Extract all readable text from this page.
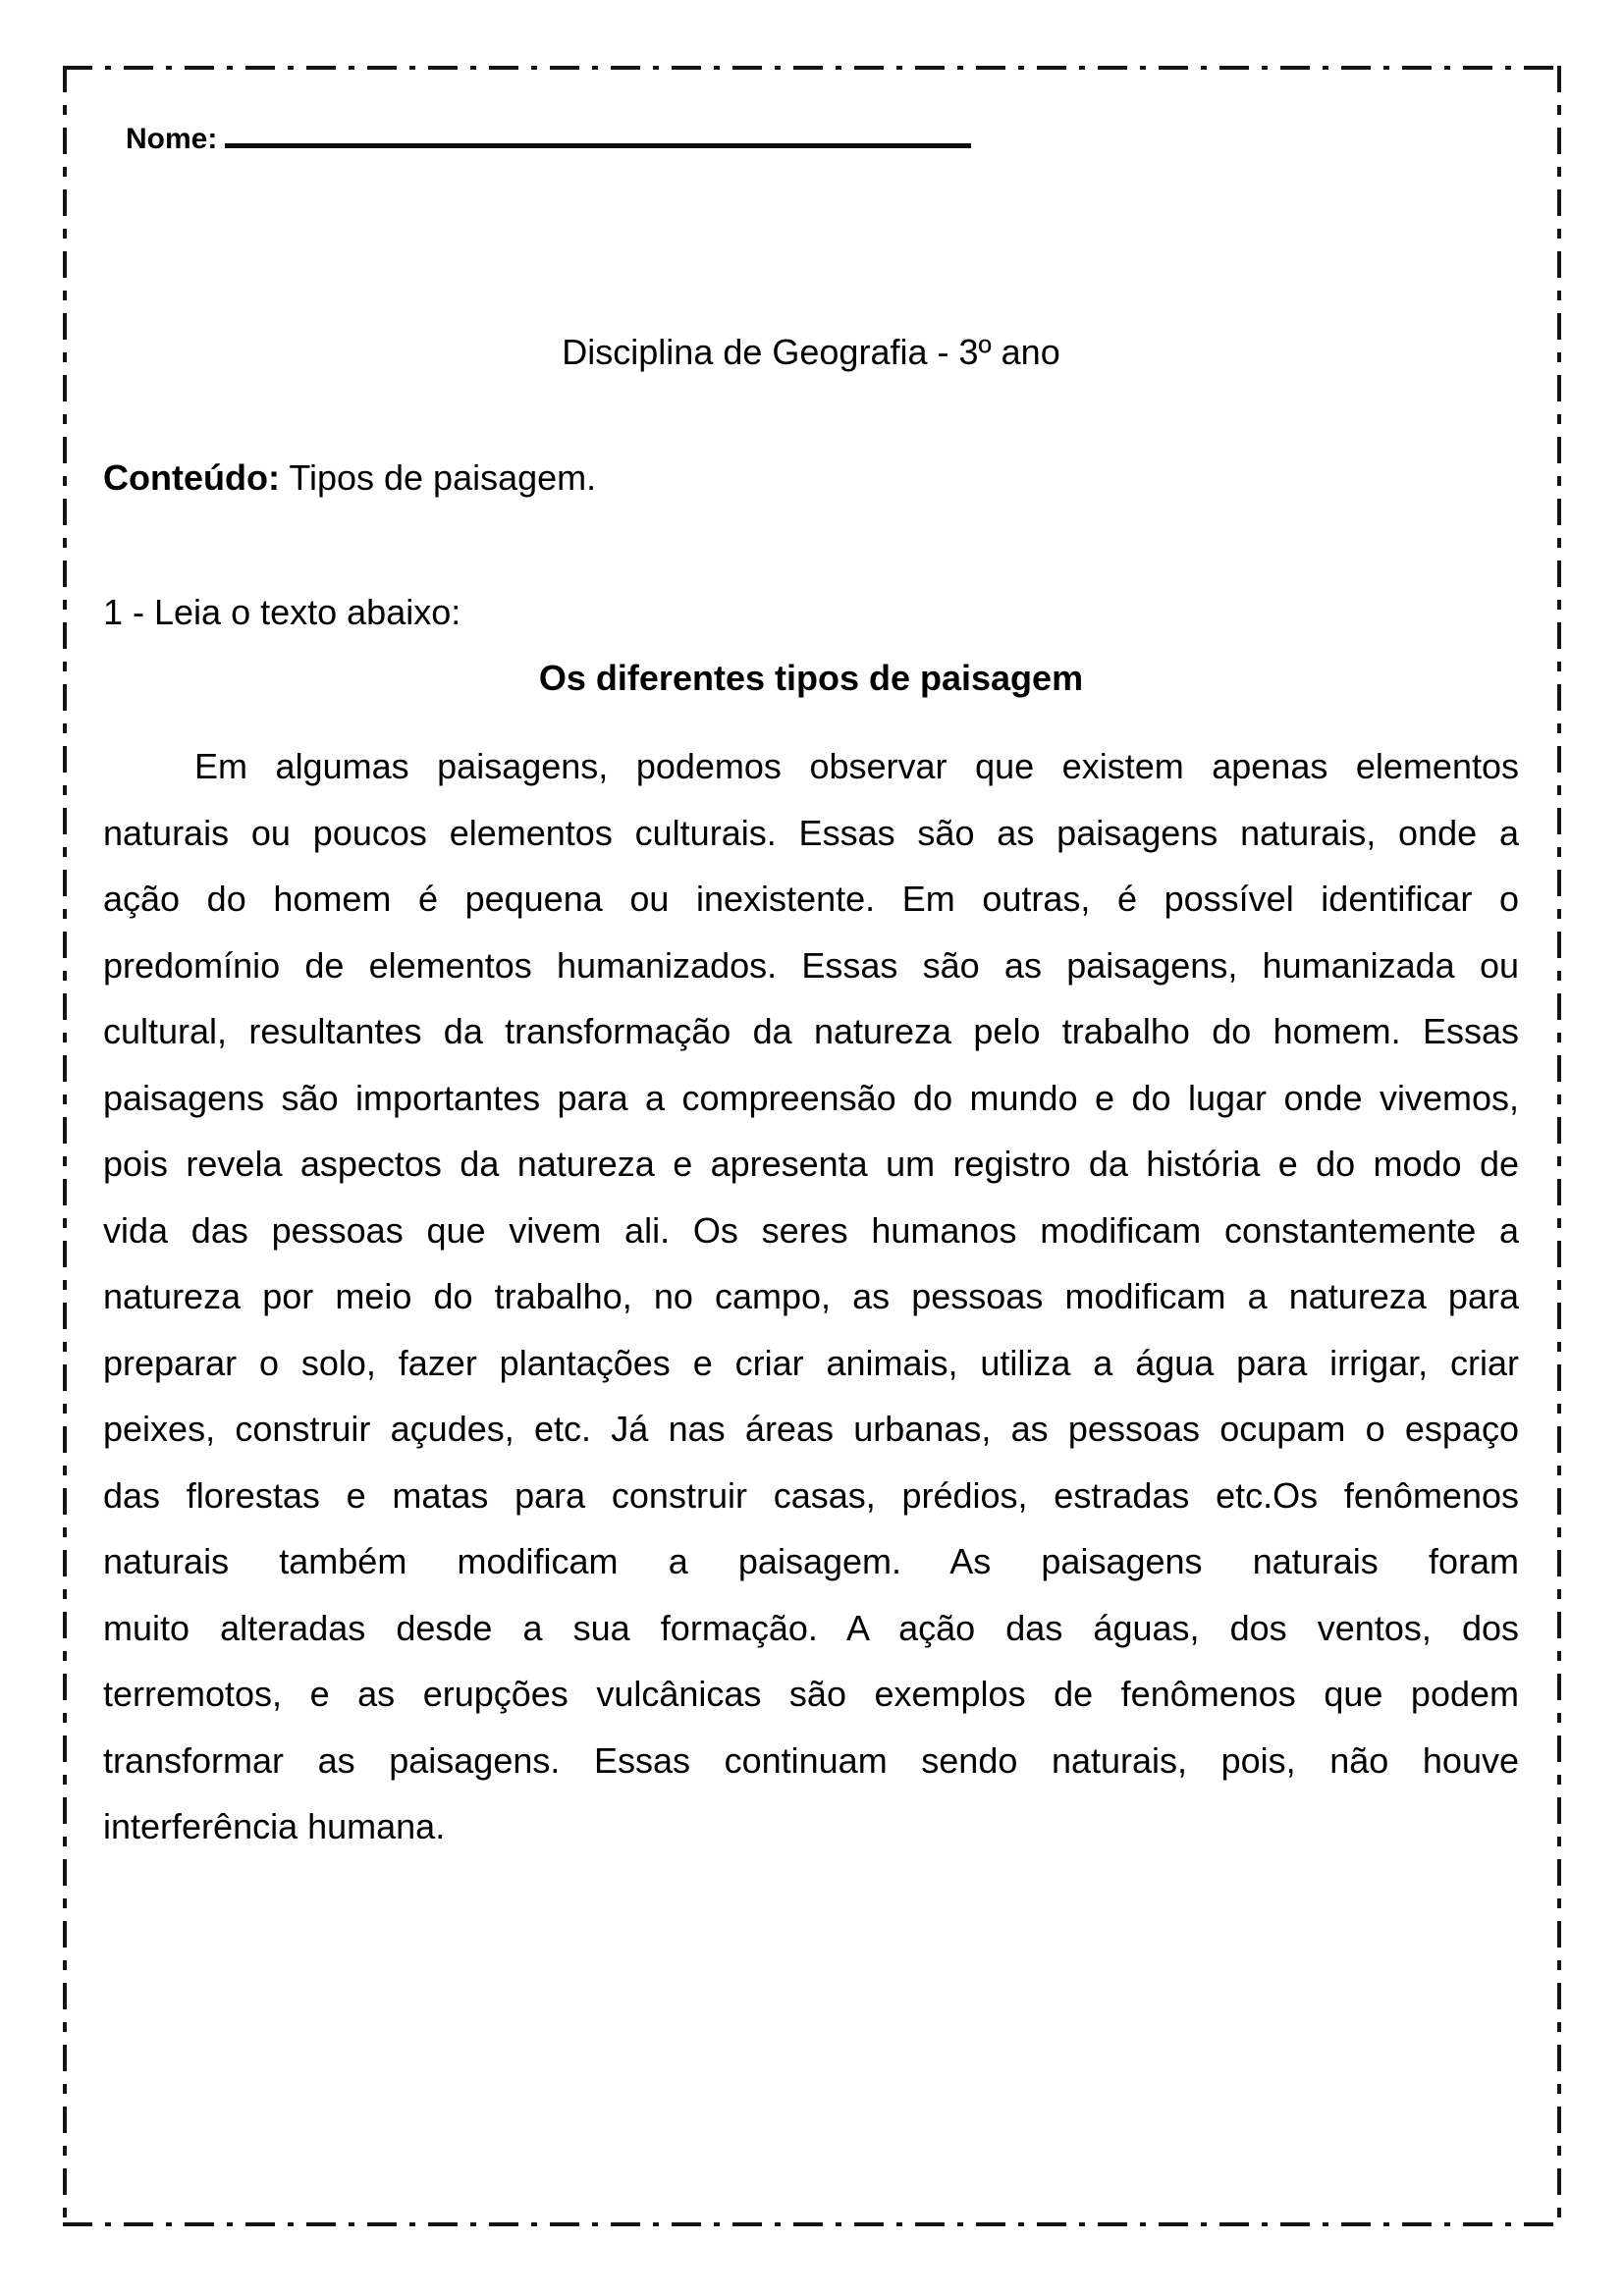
Nome:
Disciplina de Geografia - 3º ano
Conteúdo: Tipos de paisagem.
1 - Leia o texto abaixo:
Os diferentes tipos de paisagem
Em algumas paisagens, podemos observar que existem apenas elementos
naturais ou poucos elementos culturais. Essas são as paisagens naturais, onde a
ação do homem é pequena ou inexistente. Em outras, é possível identificar o
predomínio de elementos humanizados. Essas são as paisagens, humanizada ou
cultural, resultantes da transformação da natureza pelo trabalho do homem. Essas
paisagens são importantes para a compreensão do mundo e do lugar onde vivemos,
pois revela aspectos da natureza e apresenta um registro da história e do modo de
vida das pessoas que vivem ali. Os seres humanos modificam constantemente a
natureza por meio do trabalho, no campo, as pessoas modificam a natureza para
preparar o solo, fazer plantações e criar animais, utiliza a água para irrigar, criar
peixes, construir açudes, etc. Já nas áreas urbanas, as pessoas ocupam o espaço
das florestas e matas para construir casas, prédios, estradas etc.Os fenômenos
naturais também modificam a paisagem. As paisagens naturais foram
muito alteradas desde a sua formação. A ação das águas, dos ventos, dos
terremotos, e as erupções vulcânicas são exemplos de fenômenos que podem
transformar as paisagens. Essas continuam sendo naturais, pois, não houve
interferência humana.
